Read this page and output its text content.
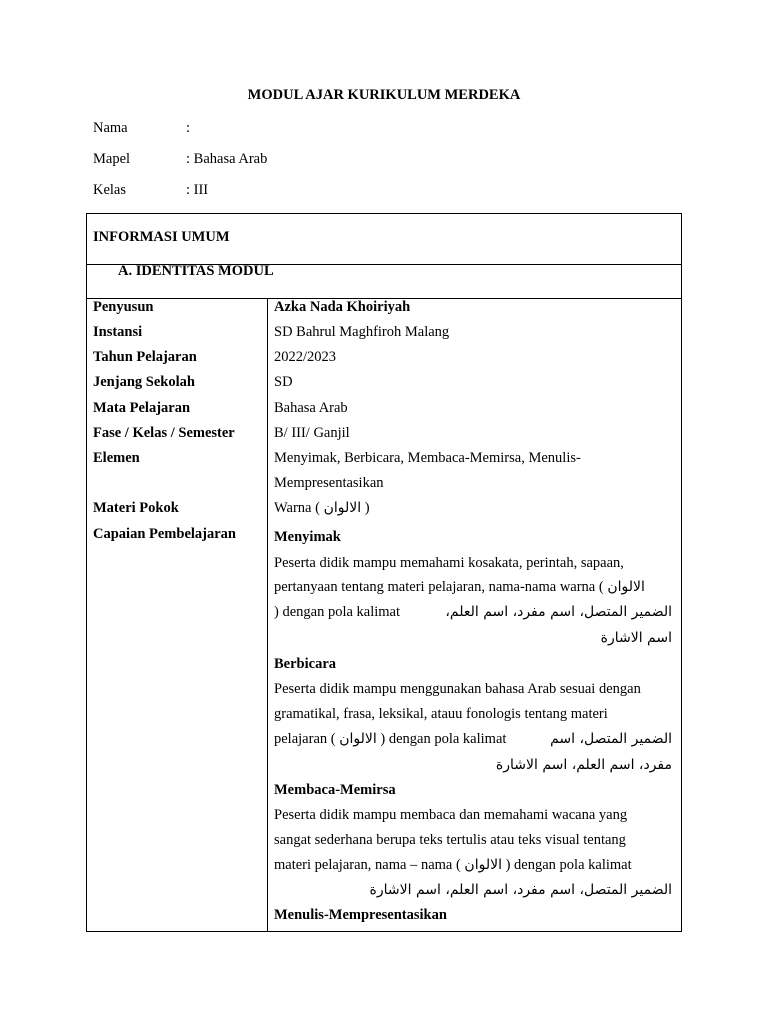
MODUL AJAR KURIKULUM MERDEKA
Nama	:
Mapel	: Bahasa Arab
Kelas	: III
INFORMASI UMUM
A. IDENTITAS MODUL
Penyusun	Azka Nada Khoiriyah
Instansi	SD Bahrul Maghfiroh Malang
Tahun Pelajaran	2022/2023
Jenjang Sekolah	SD
Mata Pelajaran	Bahasa Arab
Fase / Kelas / Semester	B/ III/ Ganjil
Elemen	Menyimak, Berbicara, Membaca-Memirsa, Menulis-
Mempresentasikan
Materi Pokok	Warna ( الالوان )
Capaian Pembelajaran	Menyimak
Peserta didik mampu memahami kosakata, perintah, sapaan,
pertanyaan tentang materi pelajaran, nama-nama warna ( الالوان
) dengan pola kalimat	الضمير المتصل، اسم مفرد، اسم العلم،
اسم الاشارة
Berbicara
Peserta didik mampu menggunakan bahasa Arab sesuai dengan
gramatikal, frasa, leksikal, atauu fonologis tentang materi
pelajaran ( الالوان ) dengan pola kalimat	الضمير المتصل، اسم
مفرد، اسم العلم، اسم الاشارة
Membaca-Memirsa
Peserta didik mampu membaca dan memahami wacana yang
sangat sederhana berupa teks tertulis atau teks visual tentang
materi pelajaran, nama – nama ( الالوان ) dengan pola kalimat
الضمير المتصل، اسم مفرد، اسم العلم، اسم الاشارة
Menulis-Mempresentasikan
